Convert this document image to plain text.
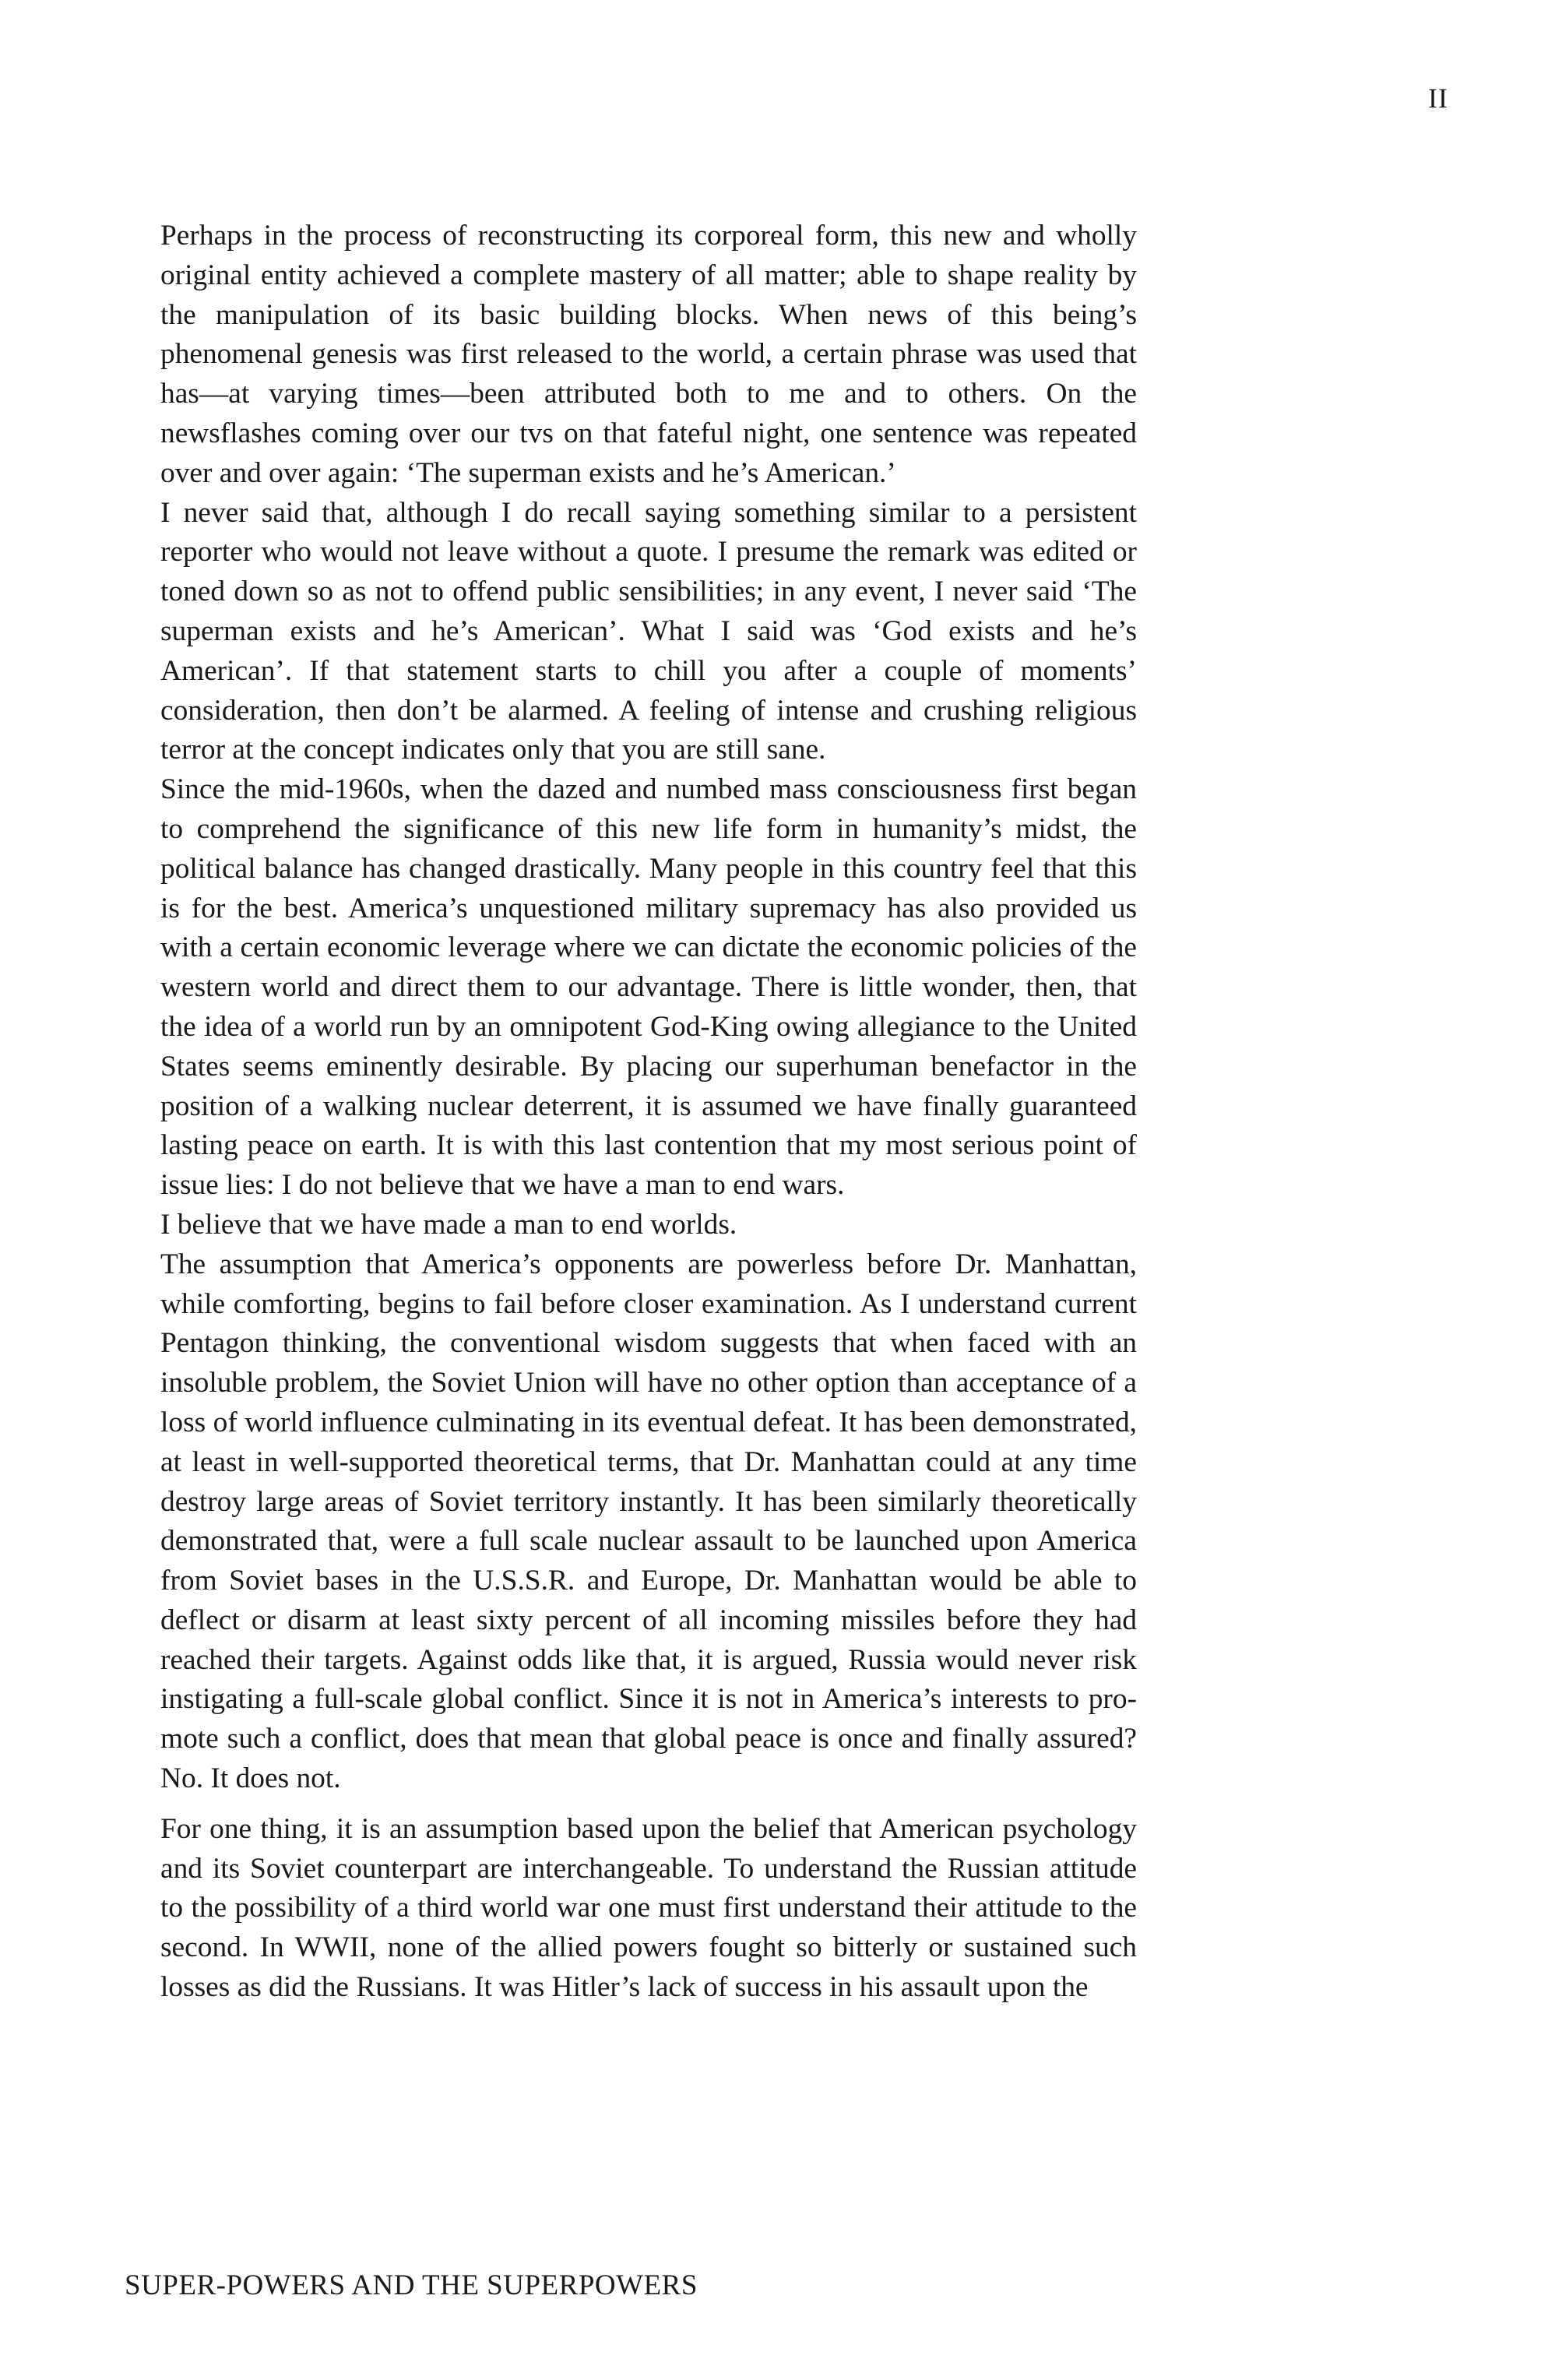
II

Perhaps in the process of reconstructing its corporeal form, this new and wholly original entity achieved a complete mastery of all matter; able to shape reality by the manipulation of its basic building blocks. When news of this being’s phenomenal genesis was first released to the world, a certain phrase was used that has—at varying times—been attributed both to me and to others. On the newsflashes coming over our tvs on that fateful night, one sentence was repeated over and over again: ‘The superman exists and he’s American.’

I never said that, although I do recall saying something similar to a persistent reporter who would not leave without a quote. I presume the remark was edited or toned down so as not to offend public sensibilities; in any event, I never said ‘The superman exists and he’s American’. What I said was ‘God exists and he’s American’. If that statement starts to chill you after a couple of moments’ consideration, then don’t be alarmed. A feeling of intense and crushing religious terror at the concept indicates only that you are still sane.

Since the mid-1960s, when the dazed and numbed mass consciousness first began to comprehend the significance of this new life form in humanity’s midst, the political balance has changed drastically. Many people in this country feel that this is for the best. America’s unquestioned military supremacy has also provided us with a certain economic leverage where we can dictate the economic policies of the western world and direct them to our advantage. There is little wonder, then, that the idea of a world run by an omnipotent God-King owing allegiance to the United States seems eminently desirable. By placing our superhuman benefactor in the position of a walking nuclear deterrent, it is assumed we have finally guaranteed lasting peace on earth. It is with this last contention that my most serious point of issue lies: I do not believe that we have a man to end wars.

I believe that we have made a man to end worlds.

The assumption that America’s opponents are powerless before Dr. Manhattan, while comforting, begins to fail before closer examination. As I understand current Pentagon thinking, the conventional wisdom suggests that when faced with an insoluble problem, the Soviet Union will have no other option than acceptance of a loss of world influence culminating in its eventual defeat. It has been demonstrated, at least in well-supported theoretical terms, that Dr. Manhattan could at any time destroy large areas of Soviet territory instantly. It has been similarly theoretically demonstrated that, were a full scale nuclear assault to be launched upon America from Soviet bases in the U.S.S.R. and Europe, Dr. Manhattan would be able to deflect or disarm at least sixty percent of all incoming missiles before they had reached their targets. Against odds like that, it is argued, Russia would never risk instigating a full-scale global conflict. Since it is not in America’s interests to promote such a conflict, does that mean that global peace is once and finally assured? No. It does not.

For one thing, it is an assumption based upon the belief that American psychology and its Soviet counterpart are interchangeable. To understand the Russian attitude to the possibility of a third world war one must first understand their attitude to the second. In WWII, none of the allied powers fought so bitterly or sustained such losses as did the Russians. It was Hitler’s lack of success in his assault upon the

SUPER-POWERS AND THE SUPERPOWERS
